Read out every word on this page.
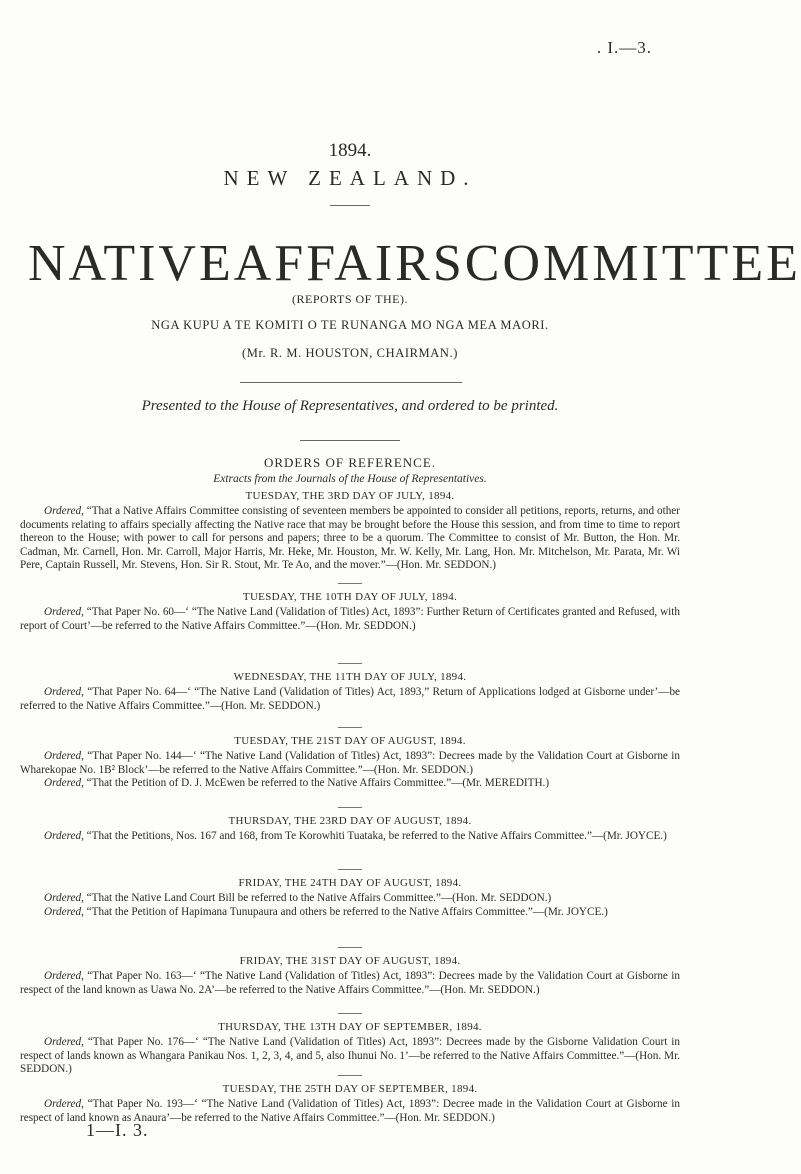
. I.—3.
1894.
NEW ZEALAND.
NATIVE AFFAIRS COMMITTEE
(REPORTS OF THE).
NGA KUPU A TE KOMITI O TE RUNANGA MO NGA MEA MAORI.
(Mr. R. M. HOUSTON, CHAIRMAN.)
Presented to the House of Representatives, and ordered to be printed.
ORDERS OF REFERENCE.
Extracts from the Journals of the House of Representatives.
TUESDAY, THE 3RD DAY OF JULY, 1894.

Ordered, “That a Native Affairs Committee consisting of seventeen members be appointed to consider all petitions, reports, returns, and other documents relating to affairs specially affecting the Native race that may be brought before the House this session, and from time to time to report thereon to the House; with power to call for persons and papers; three to be a quorum. The Committee to consist of Mr. Button, the Hon. Mr. Cadman, Mr. Carnell, Hon. Mr. Carroll, Major Harris, Mr. Heke, Mr. Houston, Mr. W. Kelly, Mr. Lang, Hon. Mr. Mitchelson, Mr. Parata, Mr. Wi Pere, Captain Russell, Mr. Stevens, Hon. Sir R. Stout, Mr. Te Ao, and the mover.”—(Hon. Mr. SEDDON.)

TUESDAY, THE 10TH DAY OF JULY, 1894.

Ordered, “That Paper No. 60—‘ “The Native Land (Validation of Titles) Act, 1893”: Further Return of Certificates granted and Refused, with report of Court’—be referred to the Native Affairs Committee.”—(Hon. Mr. SEDDON.)

WEDNESDAY, THE 11TH DAY OF JULY, 1894.

Ordered, “That Paper No. 64—‘ “The Native Land (Validation of Titles) Act, 1893,” Return of Applications lodged at Gisborne under’—be referred to the Native Affairs Committee.”—(Hon. Mr. SEDDON.)

TUESDAY, THE 21ST DAY OF AUGUST, 1894.

Ordered, “That Paper No. 144—‘ “The Native Land (Validation of Titles) Act, 1893”: Decrees made by the Validation Court at Gisborne in Wharekopae No. 1B² Block’—be referred to the Native Affairs Committee.”—(Hon. Mr. SEDDON.)

Ordered, “That the Petition of D. J. McEwen be referred to the Native Affairs Committee.”—(Mr. MEREDITH.)

THURSDAY, THE 23RD DAY OF AUGUST, 1894.

Ordered, “That the Petitions, Nos. 167 and 168, from Te Korowhiti Tuataka, be referred to the Native Affairs Committee.”—(Mr. JOYCE.)

FRIDAY, THE 24TH DAY OF AUGUST, 1894.

Ordered, “That the Native Land Court Bill be referred to the Native Affairs Committee.”—(Hon. Mr. SEDDON.)

Ordered, “That the Petition of Hapimana Tunupaura and others be referred to the Native Affairs Committee.”—(Mr. JOYCE.)

FRIDAY, THE 31ST DAY OF AUGUST, 1894.

Ordered, “That Paper No. 163—‘ “The Native Land (Validation of Titles) Act, 1893”: Decrees made by the Validation Court at Gisborne in respect of the land known as Uawa No. 2A’—be referred to the Native Affairs Committee.”—(Hon. Mr. SEDDON.)

THURSDAY, THE 13TH DAY OF SEPTEMBER, 1894.

Ordered, “That Paper No. 176—‘ “The Native Land (Validation of Titles) Act, 1893”: Decrees made by the Gisborne Validation Court in respect of lands known as Whangara Panikau Nos. 1, 2, 3, 4, and 5, also Ihunui No. 1’—be referred to the Native Affairs Committee.”—(Hon. Mr. SEDDON.)

TUESDAY, THE 25TH DAY OF SEPTEMBER, 1894.

Ordered, “That Paper No. 193—‘ “The Native Land (Validation of Titles) Act, 1893”: Decree made in the Validation Court at Gisborne in respect of land known as Anaura’—be referred to the Native Affairs Committee.”—(Hon. Mr. SEDDON.)

1—I. 3.
